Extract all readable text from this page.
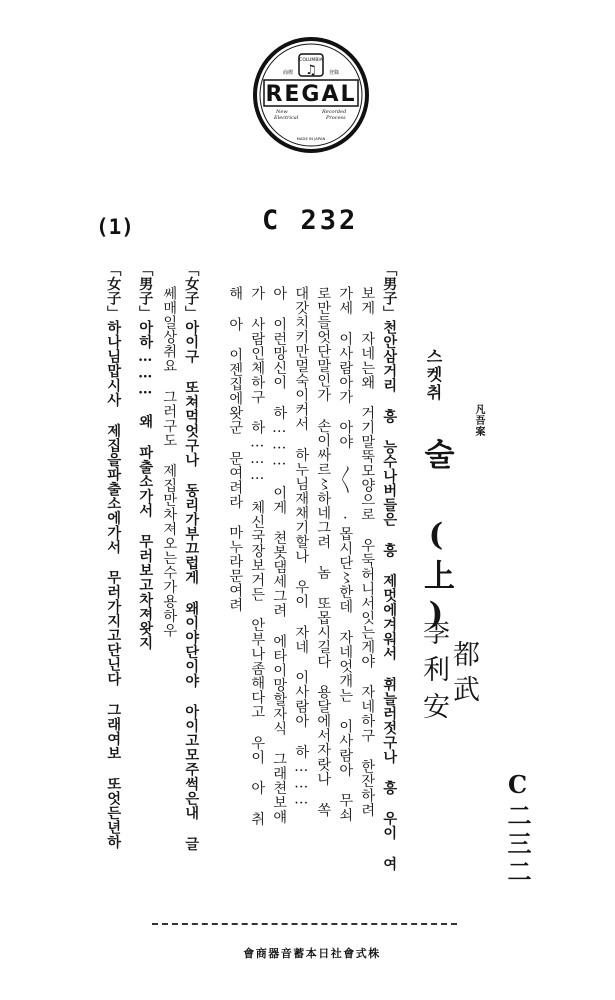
COLUMBIA
♫
商標	登錄
REGAL
New
Electrical
Recorded
Process
MADE IN JAPAN
C 232
(1)
「男子」천안삼거리 흥 능수나버들은 흥 제멋에겨워서 휘늘러젓구나 흥 우이 여
보게 자네는왜 거기말뚝모양으로 우둑허니서잇는게야 자네하구 한잔하려
가세 이사람아가 아야 〳〵 ·몹시단〻한데 자네엇개는 이사람아 무쇠
로만들엇단말인가 손이싸르〻하네그려 놈 또몹시길다 용달에서자랏나 쏙
대갓치키만멀숙이커서 하누님재채기할나 우이 자네 이사람아 하………
아 이런망신이 하……… 이게 쳔봇댐세그려 에타이망할자식 그래쳔보얘
가 사람인체하구 하……… 체신국장보거든 안부나좀해다고 우이 아 취
해 아 이젠집에왓군 문여려라 마누라문여려
「女子」아이구 또쳐먹엇구나 동리가부끄럽게 왜이야단이야 아이고모주썩은내 글
쎄매일상취요 그러구도 제집만차져오는수가용하우
「男子」아하……… 왜 파출소가서 무러보고차져왓지
「女子」하나님맙시사 제집을파출소에가서 무러가지고단닌다 그래여보 또엇든년하	스켓취
凡吾案
술 (上)
都武
李利安
C二三二
會商器音蓄本日社會式株
